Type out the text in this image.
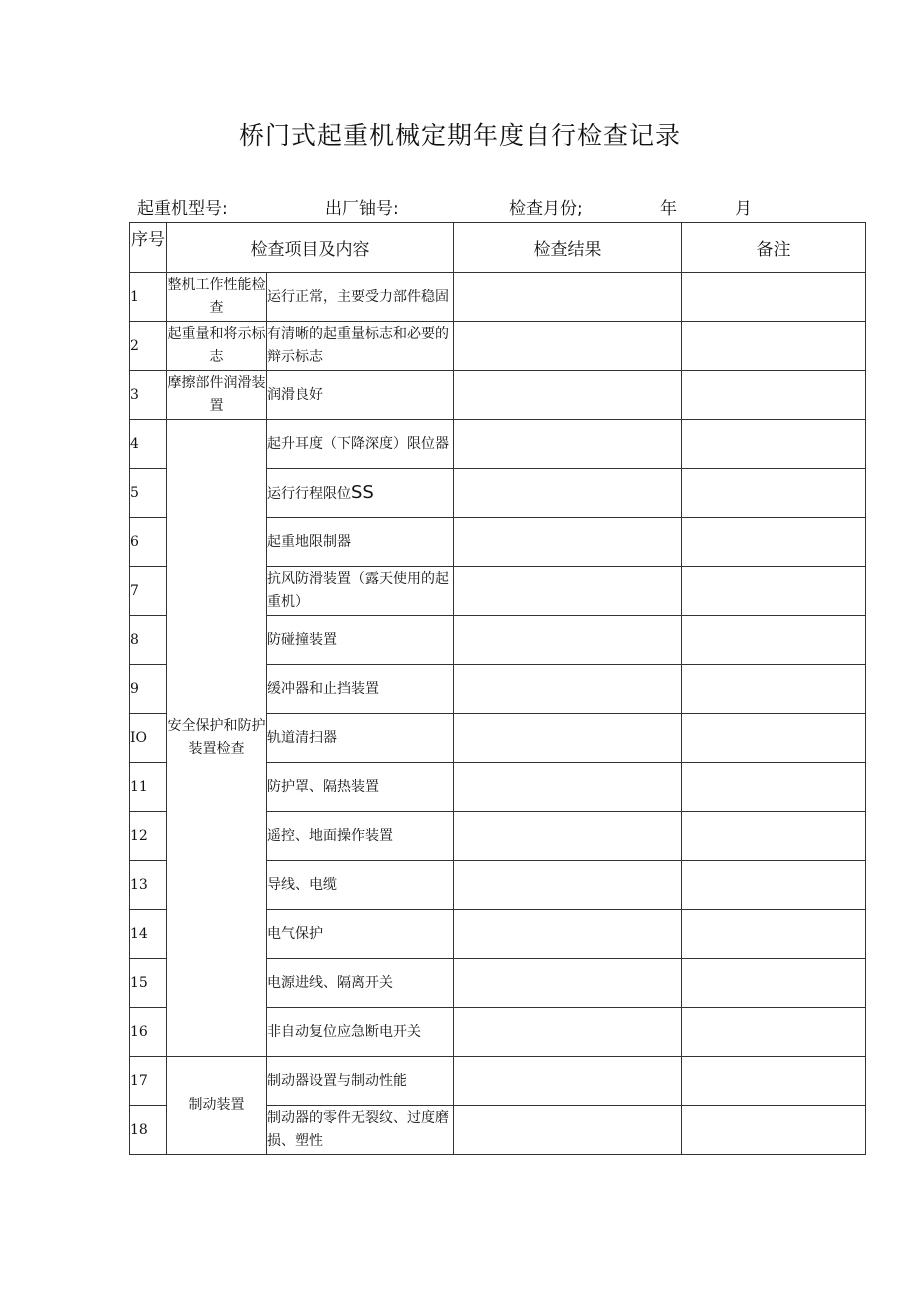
桥门式起重机械定期年度自行检查记录
起重机型号:	出厂铀号:	检查月份;	年	月
序号	检查项目及内容		检查结果	备注
1	整机工作性能检查	运行正常，主要受力部件稳固		
2	起重量和将示标志	有清晰的起重量标志和必要的辩示标志		
3	摩擦部件润滑装置	润滑良好		
4	安全保护和防护装置检查	起升耳度（下降深度）限位器		
5		运行行程限位SS		
6		起重地限制器		
7		抗风防滑装置（露天使用的起重机）		
8		防碰撞装置		
9		缓冲器和止挡装置		
IO		轨道清扫器		
11		防护罩、隔热装置		
12		遥控、地面操作装置		
13		导线、电缆		
14		电气保护		
15		电源进线、隔离开关		
16		非自动复位应急断电开关		
17	制动装置	制动器设置与制动性能		
18		制动器的零件无裂纹、过度磨损、塑性		
